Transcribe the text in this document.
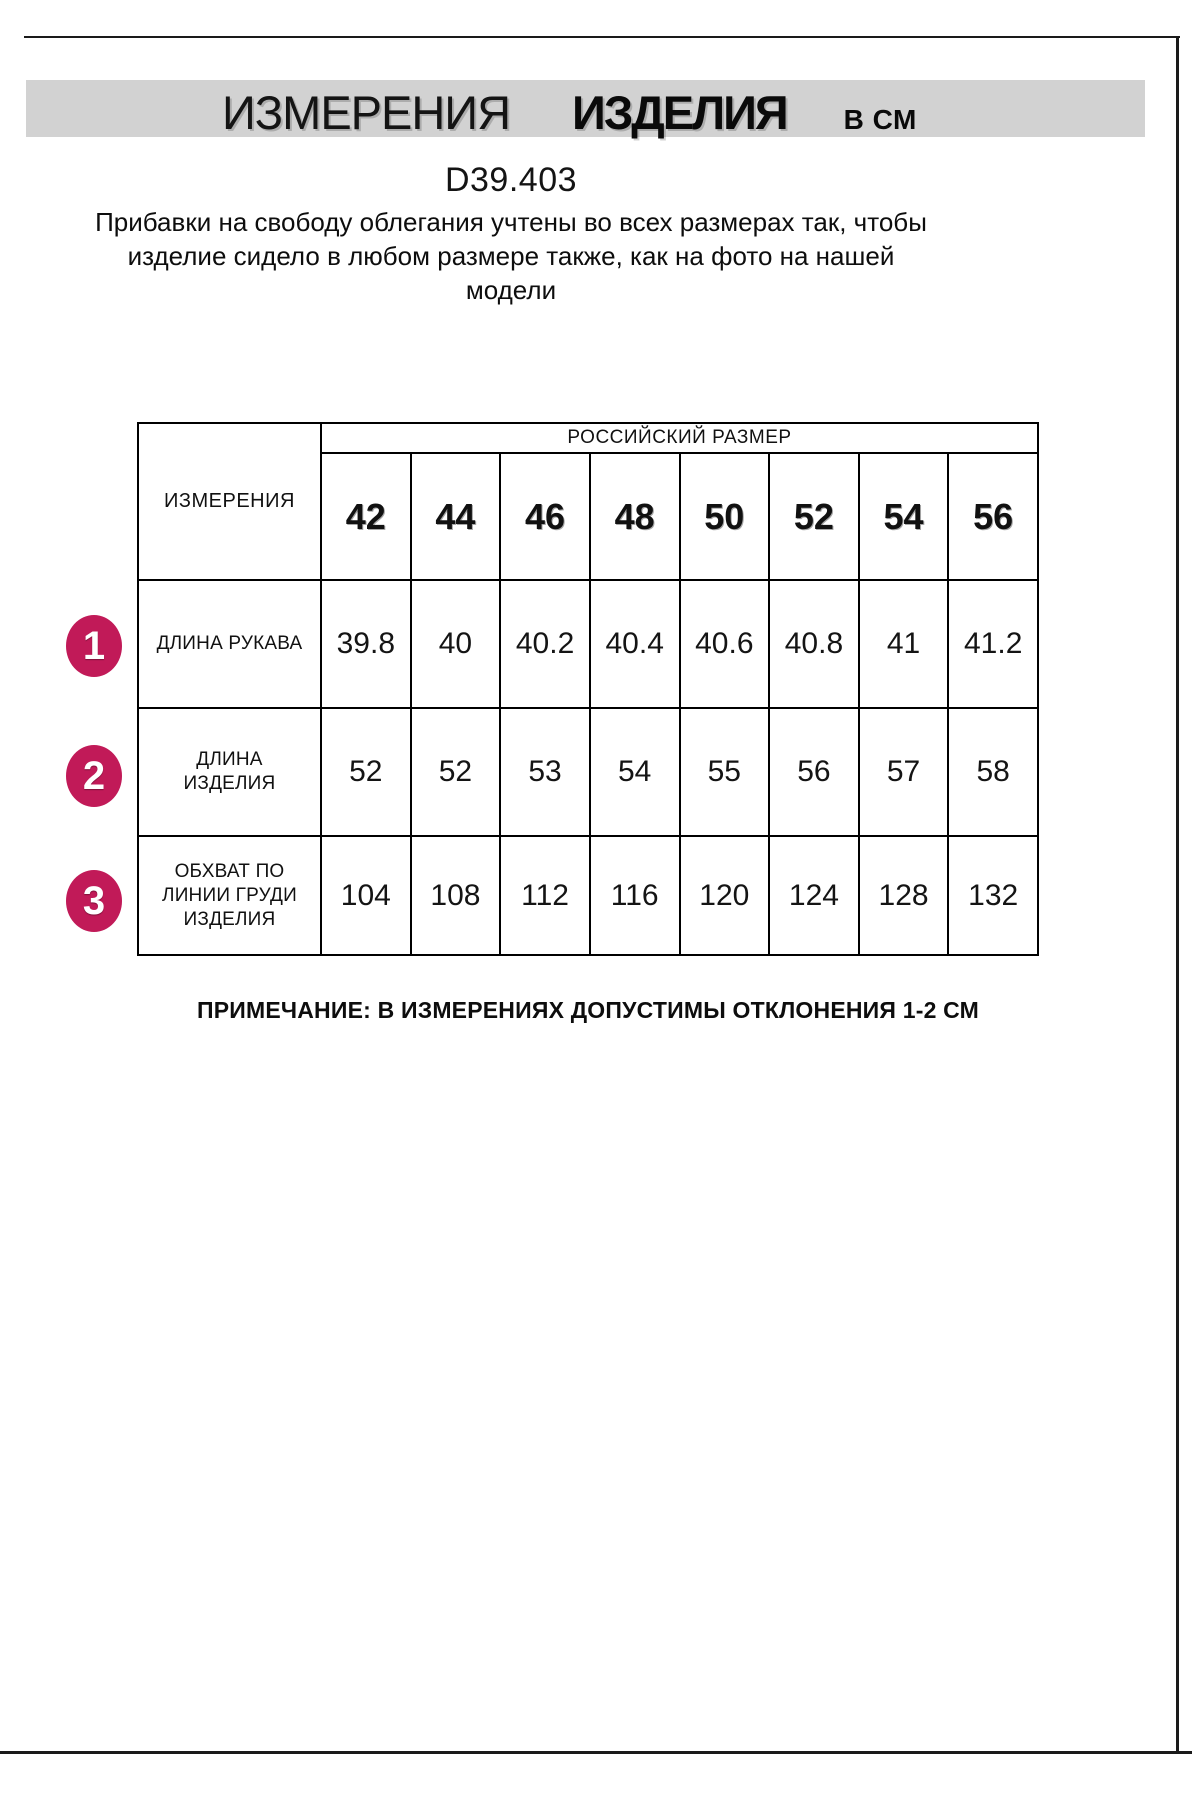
ИЗМЕРЕНИЯ ИЗДЕЛИЯ В СМ
D39.403
Прибавки на свободу облегания учтены во всех размерах так, чтобы
изделие сидело в любом размере также, как на фото на нашей
модели
ИЗМЕРЕНИЯ	РОССИЙСКИЙ РАЗМЕР							
	42	44	46	48	50	52	54	56
ДЛИНА РУКАВА	39.8	40	40.2	40.4	40.6	40.8	41	41.2
ДЛИНА
ИЗДЕЛИЯ	52	52	53	54	55	56	57	58
ОБХВАТ ПО
ЛИНИИ ГРУДИ
ИЗДЕЛИЯ	104	108	112	116	120	124	128	132
1
2
3
ПРИМЕЧАНИЕ: В ИЗМЕРЕНИЯХ ДОПУСТИМЫ ОТКЛОНЕНИЯ 1-2 СМ
